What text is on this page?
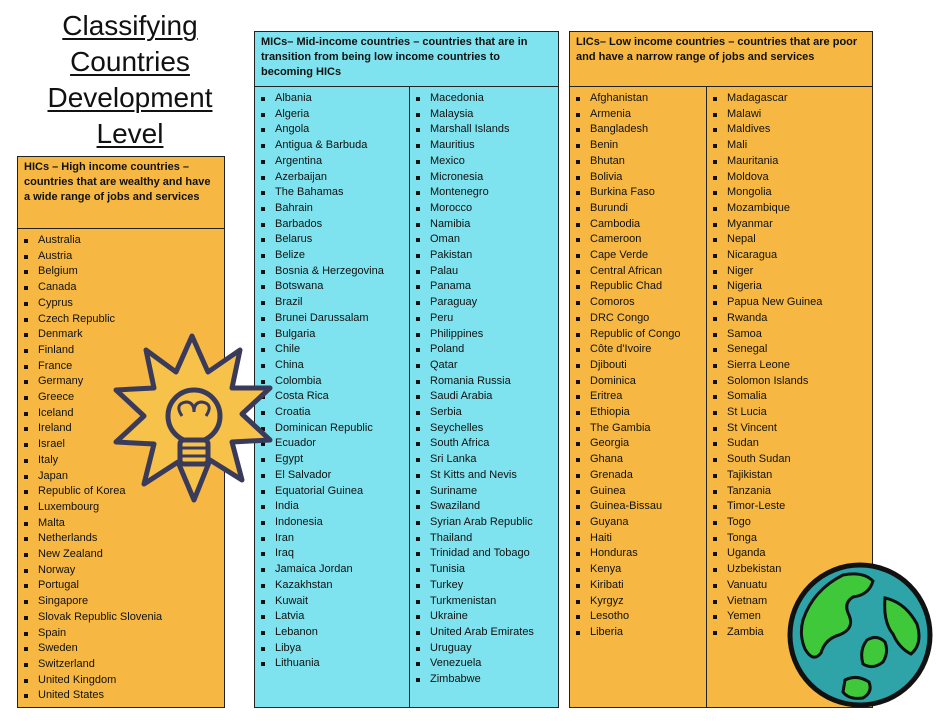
Classifying
Countries
Development
Level
HICs – High income countries – countries that are wealthy and have a wide range of jobs and services
Australia
Austria
Belgium
Canada
Cyprus
Czech Republic
Denmark
Finland
France
Germany
Greece
Iceland
Ireland
Israel
Italy
Japan
Republic of Korea
Luxembourg
Malta
Netherlands
New Zealand
Norway
Portugal
Singapore
Slovak Republic Slovenia
Spain
Sweden
Switzerland
United Kingdom
United States
MICs– Mid-income countries – countries that are in transition from being low income countries to becoming HICs
Albania
Algeria
Angola
Antigua & Barbuda
Argentina
Azerbaijan
The Bahamas
Bahrain
Barbados
Belarus
Belize
Bosnia & Herzegovina
Botswana
Brazil
Brunei Darussalam
Bulgaria
Chile
China
Colombia
Costa Rica
Croatia
Dominican Republic
Ecuador
Egypt
El Salvador
Equatorial Guinea
India
Indonesia
Iran
Iraq
Jamaica Jordan
Kazakhstan
Kuwait
Latvia
Lebanon
Libya
Lithuania
Macedonia
Malaysia
Marshall Islands
Mauritius
Mexico
Micronesia
Montenegro
Morocco
Namibia
Oman
Pakistan
Palau
Panama
Paraguay
Peru
Philippines
Poland
Qatar
Romania Russia
Saudi Arabia
Serbia
Seychelles
South Africa
Sri Lanka
St Kitts and Nevis
Suriname
Swaziland
Syrian Arab Republic
Thailand
Trinidad and Tobago
Tunisia
Turkey
Turkmenistan
Ukraine
United Arab Emirates
Uruguay
Venezuela
Zimbabwe
LICs– Low income countries – countries that are poor and have a narrow range of jobs and services
Afghanistan
Armenia
Bangladesh
Benin
Bhutan
Bolivia
Burkina Faso
Burundi
Cambodia
Cameroon
Cape Verde
Central African
Republic Chad
Comoros
DRC Congo
Republic of Congo
Côte d'Ivoire
Djibouti
Dominica
Eritrea
Ethiopia
The Gambia
Georgia
Ghana
Grenada
Guinea
Guinea-Bissau
Guyana
Haiti
Honduras
Kenya
Kiribati
Kyrgyz
Lesotho
Liberia
Madagascar
Malawi
Maldives
Mali
Mauritania
Moldova
Mongolia
Mozambique
Myanmar
Nepal
Nicaragua
Niger
Nigeria
Papua New Guinea
Rwanda
Samoa
Senegal
Sierra Leone
Solomon Islands
Somalia
St Lucia
St Vincent
Sudan
South Sudan
Tajikistan
Tanzania
Timor-Leste
Togo
Tonga
Uganda
Uzbekistan
Vanuatu
Vietnam
Yemen
Zambia
